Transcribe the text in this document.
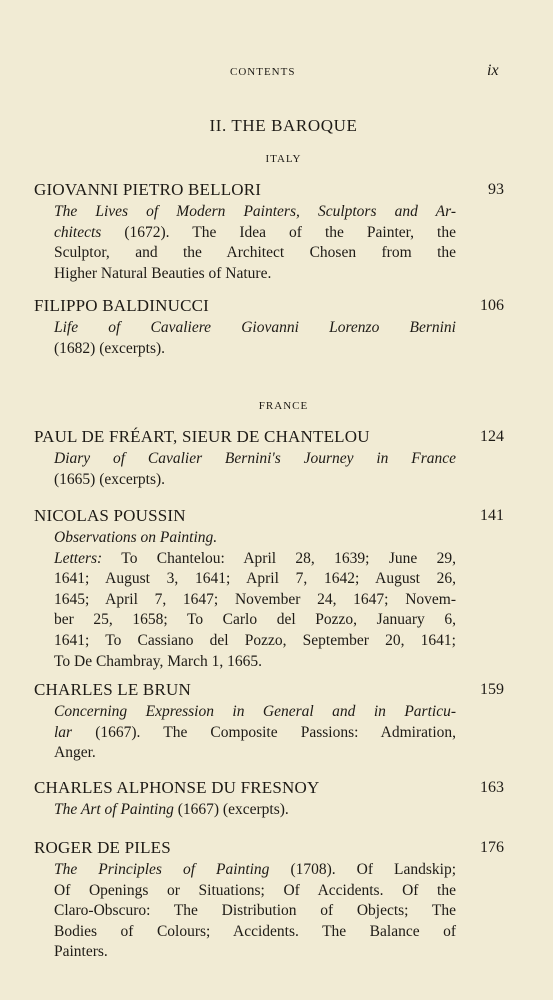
CONTENTS	ix
II. THE BAROQUE
ITALY
GIOVANNI PIETRO BELLORI	93
The Lives of Modern Painters, Sculptors and Ar-
chitects (1672). The Idea of the Painter, the
Sculptor, and the Architect Chosen from the
Higher Natural Beauties of Nature.
FILIPPO BALDINUCCI	106
Life of Cavaliere Giovanni Lorenzo Bernini
(1682) (excerpts).
FRANCE
PAUL DE FRÉART, SIEUR DE CHANTELOU	124
Diary of Cavalier Bernini's Journey in France
(1665) (excerpts).
NICOLAS POUSSIN	141
Observations on Painting.
Letters: To Chantelou: April 28, 1639; June 29,
1641; August 3, 1641; April 7, 1642; August 26,
1645; April 7, 1647; November 24, 1647; Novem-
ber 25, 1658; To Carlo del Pozzo, January 6,
1641; To Cassiano del Pozzo, September 20, 1641;
To De Chambray, March 1, 1665.
CHARLES LE BRUN	159
Concerning Expression in General and in Particu-
lar (1667). The Composite Passions: Admiration,
Anger.
CHARLES ALPHONSE DU FRESNOY	163
The Art of Painting (1667) (excerpts).
ROGER DE PILES	176
The Principles of Painting (1708). Of Landskip;
Of Openings or Situations; Of Accidents. Of the
Claro-Obscuro: The Distribution of Objects; The
Bodies of Colours; Accidents. The Balance of
Painters.
